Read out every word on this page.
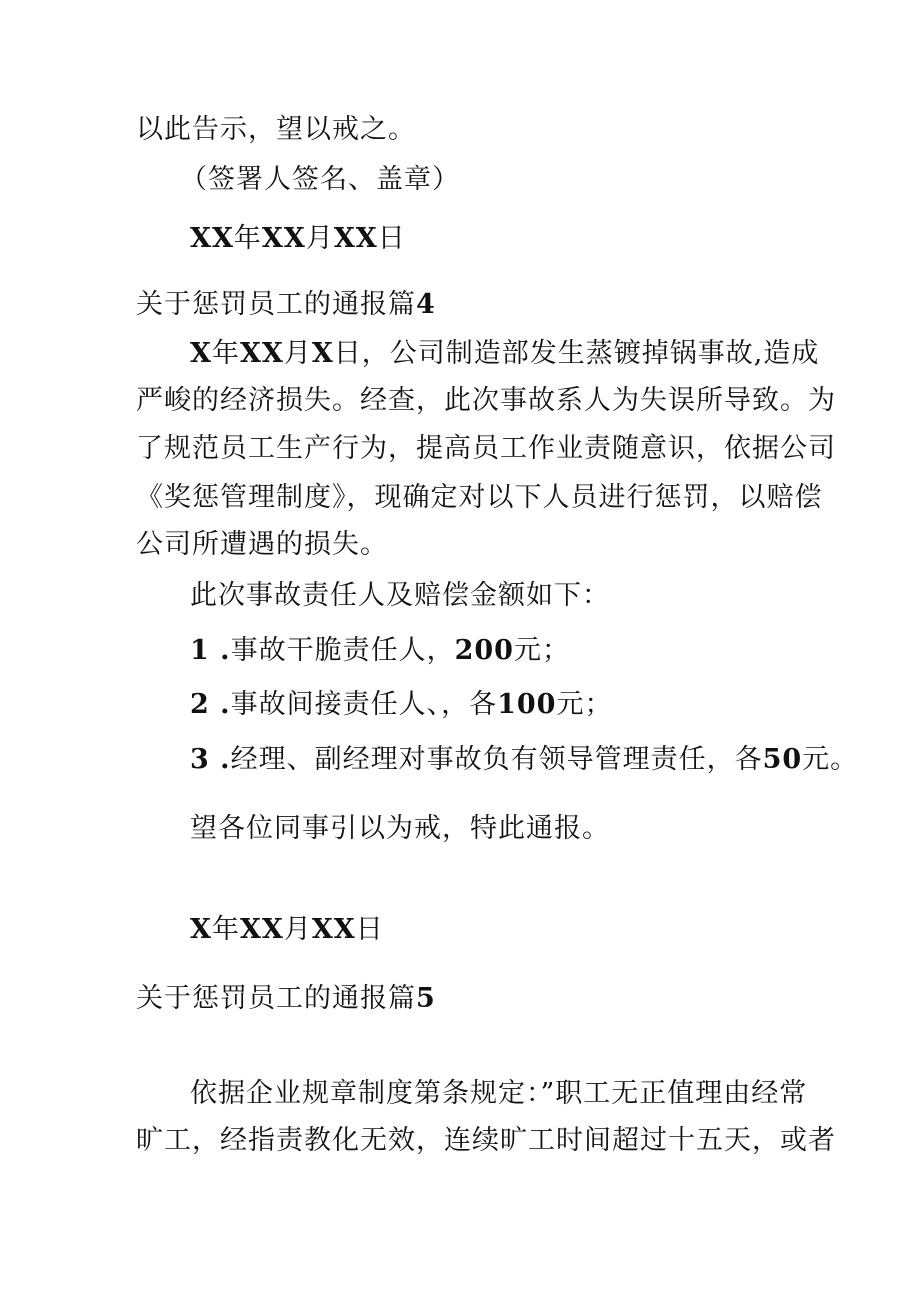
以此告示，望以戒之。
（签署人签名、盖章）
XX年XX月XX日
关于惩罚员工的通报篇4
X年XX月X日，公司制造部发生蒸镀掉锅事故,造成
严峻的经济损失。经查，此次事故系人为失误所导致。为
了规范员工生产行为，提高员工作业责随意识，依据公司
《奖惩管理制度》，现确定对以下人员进行惩罚，以赔偿
公司所遭遇的损失。
此次事故责任人及赔偿金额如下：
1 .事故干脆责任人，200元；
2 .事故间接责任人、，各100元；
3 .经理、副经理对事故负有领导管理责任，各50元。
望各位同事引以为戒，特此通报。
X年XX月XX日
关于惩罚员工的通报篇5
依据企业规章制度第条规定：”职工无正值理由经常
旷工，经指责教化无效，连续旷工时间超过十五天，或者
